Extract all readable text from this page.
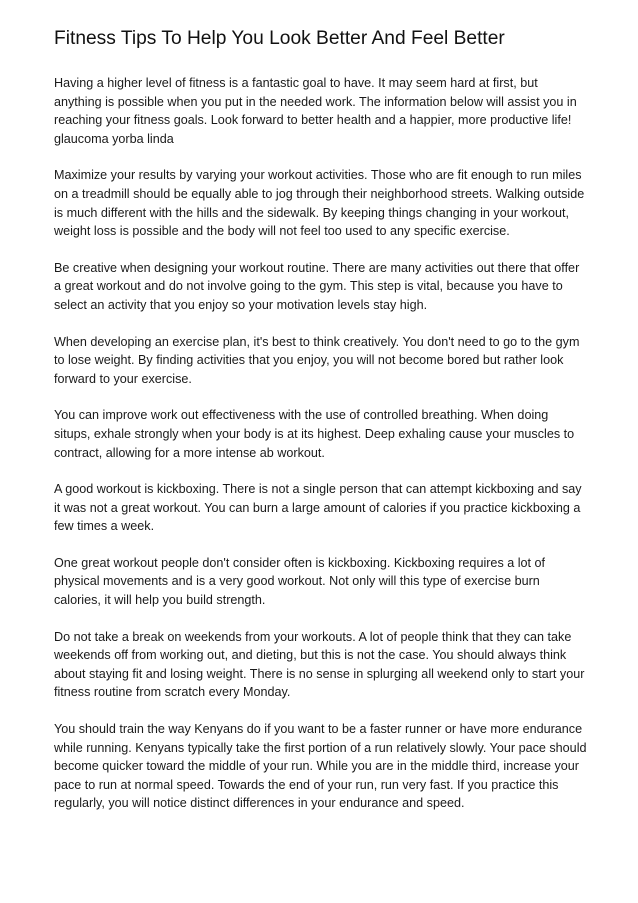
Fitness Tips To Help You Look Better And Feel Better

Having a higher level of fitness is a fantastic goal to have. It may seem hard at first, but anything is possible when you put in the needed work. The information below will assist you in reaching your fitness goals. Look forward to better health and a happier, more productive life! glaucoma yorba linda

Maximize your results by varying your workout activities. Those who are fit enough to run miles on a treadmill should be equally able to jog through their neighborhood streets. Walking outside is much different with the hills and the sidewalk. By keeping things changing in your workout, weight loss is possible and the body will not feel too used to any specific exercise.

Be creative when designing your workout routine. There are many activities out there that offer a great workout and do not involve going to the gym. This step is vital, because you have to select an activity that you enjoy so your motivation levels stay high.

When developing an exercise plan, it's best to think creatively. You don't need to go to the gym to lose weight. By finding activities that you enjoy, you will not become bored but rather look forward to your exercise.

You can improve work out effectiveness with the use of controlled breathing. When doing situps, exhale strongly when your body is at its highest. Deep exhaling cause your muscles to contract, allowing for a more intense ab workout.

A good workout is kickboxing. There is not a single person that can attempt kickboxing and say it was not a great workout. You can burn a large amount of calories if you practice kickboxing a few times a week.

One great workout people don't consider often is kickboxing. Kickboxing requires a lot of physical movements and is a very good workout. Not only will this type of exercise burn calories, it will help you build strength.

Do not take a break on weekends from your workouts. A lot of people think that they can take weekends off from working out, and dieting, but this is not the case. You should always think about staying fit and losing weight. There is no sense in splurging all weekend only to start your fitness routine from scratch every Monday.

You should train the way Kenyans do if you want to be a faster runner or have more endurance while running. Kenyans typically take the first portion of a run relatively slowly. Your pace should become quicker toward the middle of your run. While you are in the middle third, increase your pace to run at normal speed. Towards the end of your run, run very fast. If you practice this regularly, you will notice distinct differences in your endurance and speed.
